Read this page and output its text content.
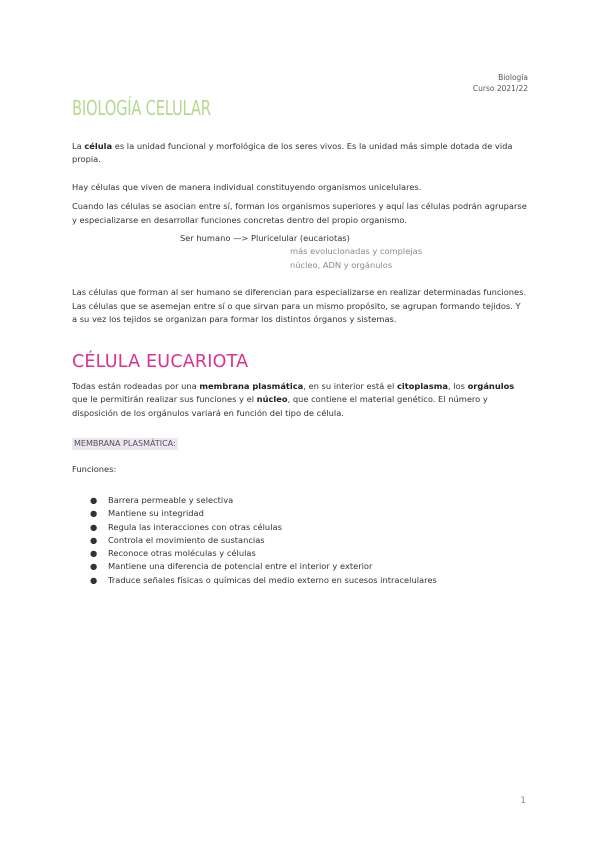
Biología
Curso 2021/22
BIOLOGÍA CELULAR

La célula es la unidad funcional y morfológica de los seres vivos. Es la unidad más simple dotada de vida propia.

Hay células que viven de manera individual constituyendo organismos unicelulares.

Cuando las células se asocian entre sí, forman los organismos superiores y aquí las células podrán agruparse y especializarse en desarrollar funciones concretas dentro del propio organismo.

Ser humano —> Pluricelular (eucariotas)

más evolucionadas y complejas

núcleo, ADN y orgánulos

Las células que forman al ser humano se diferencian para especializarse en realizar determinadas funciones. Las células que se asemejan entre sí o que sirvan para un mismo propósito, se agrupan formando tejidos. Y a su vez los tejidos se organizan para formar los distintos órganos y sistemas.

CÉLULA EUCARIOTA

Todas están rodeadas por una membrana plasmática, en su interior está el citoplasma, los orgánulos que le permitirán realizar sus funciones y el núcleo, que contiene el material genético. El número y disposición de los orgánulos variará en función del tipo de célula.

MEMBRANA PLASMÁTICA:

Funciones:

● Barrera permeable y selectiva
● Mantiene su integridad
● Regula las interacciones con otras células
● Controla el movimiento de sustancias
● Reconoce otras moléculas y células
● Mantiene una diferencia de potencial entre el interior y exterior
● Traduce señales físicas o químicas del medio externo en sucesos intracelulares
1
